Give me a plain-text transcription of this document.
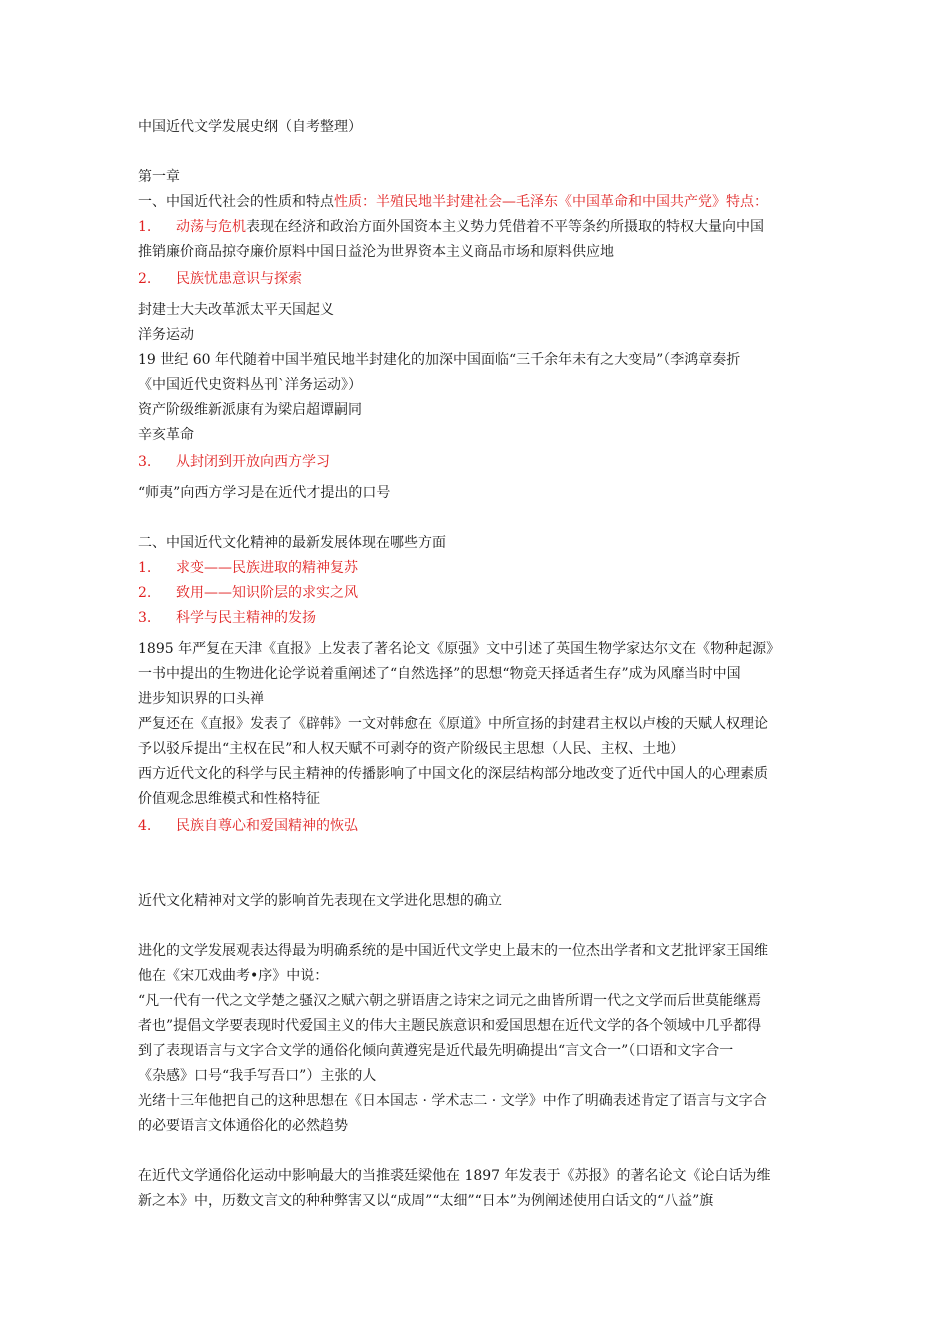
中国近代文学发展史纲（自考整理）
第一章
一、中国近代社会的性质和特点性质：半殖民地半封建社会—毛泽东《中国革命和中国共产党》特点：
1. 动荡与危机表现在经济和政治方面外国资本主义势力凭借着不平等条约所摄取的特权大量向中国
推销廉价商品掠夺廉价原料中国日益沦为世界资本主义商品市场和原料供应地
2. 民族忧患意识与探索
封建士大夫改革派太平天国起义
洋务运动
19 世纪 60 年代随着中国半殖民地半封建化的加深中国面临“三千余年未有之大变局”（李鸿章奏折
《中国近代史资料丛刊`洋务运动》）
资产阶级维新派康有为梁启超谭嗣同
辛亥革命
3. 从封闭到开放向西方学习
“师夷”向西方学习是在近代才提出的口号
二、中国近代文化精神的最新发展体现在哪些方面
1. 求变——民族进取的精神复苏
2. 致用——知识阶层的求实之风
3. 科学与民主精神的发扬
1895 年严复在天津《直报》上发表了著名论文《原强》文中引述了英国生物学家达尔文在《物种起源》
一书中提出的生物进化论学说着重阐述了“自然选择”的思想“物竞天择适者生存”成为风靡当时中国
进步知识界的口头禅
严复还在《直报》发表了《辟韩》一文对韩愈在《原道》中所宣扬的封建君主权以卢梭的天赋人权理论
予以驳斥提出“主权在民”和人权天赋不可剥夺的资产阶级民主思想（人民、主权、土地）
西方近代文化的科学与民主精神的传播影响了中国文化的深层结构部分地改变了近代中国人的心理素质
价值观念思维模式和性格特征
4. 民族自尊心和爱国精神的恢弘
近代文化精神对文学的影响首先表现在文学进化思想的确立
进化的文学发展观表达得最为明确系统的是中国近代文学史上最末的一位杰出学者和文艺批评家王国维
他在《宋兀戏曲考•序》中说：
“凡一代有一代之文学楚之骚汉之赋六朝之骈语唐之诗宋之词元之曲皆所谓一代之文学而后世莫能继焉
者也”提倡文学要表现时代爱国主义的伟大主题民族意识和爱国思想在近代文学的各个领域中几乎都得
到了表现语言与文字合文学的通俗化倾向黄遵宪是近代最先明确提出“言文合一”（口语和文字合一
《杂感》口号“我手写吾口”）主张的人
光绪十三年他把自己的这种思想在《日本国志 · 学术志二 · 文学》中作了明确表述肯定了语言与文字合
的必要语言文体通俗化的必然趋势
在近代文学通俗化运动中影响最大的当推裘廷梁他在 1897 年发表于《苏报》的著名论文《论白话为维
新之本》中，历数文言文的种种弊害又以“成周”“太细”“日本”为例阐述使用白话文的“八益”旗
